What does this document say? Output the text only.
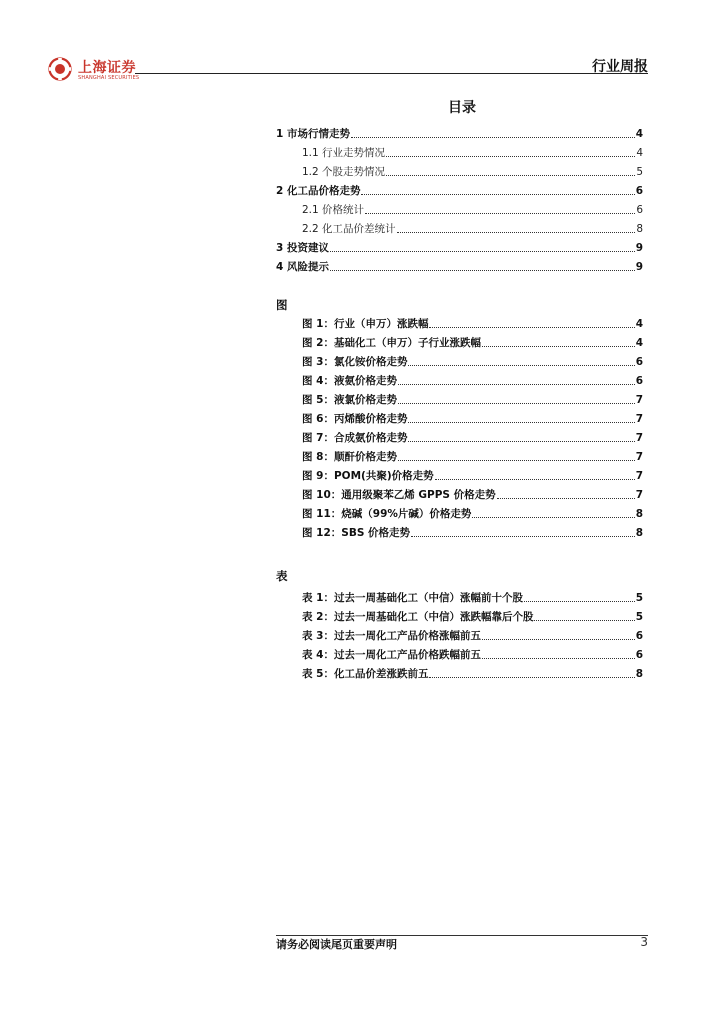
上海证券
SHANGHAI SECURITIES
行业周报
目录
1 市场行情走势	4
1.1 行业走势情况	4
1.2 个股走势情况	5
2 化工品价格走势	6
2.1 价格统计	6
2.2 化工品价差统计	8
3 投资建议	9
4 风险提示	9
图
图 1：行业（申万）涨跌幅	4
图 2：基础化工（申万）子行业涨跌幅	4
图 3：氯化铵价格走势	6
图 4：液氨价格走势	6
图 5：液氯价格走势	7
图 6：丙烯酸价格走势	7
图 7：合成氨价格走势	7
图 8：顺酐价格走势	7
图 9：POM(共聚)价格走势	7
图 10：通用级聚苯乙烯 GPPS 价格走势	7
图 11：烧碱（99%片碱）价格走势	8
图 12：SBS 价格走势	8
表
表 1：过去一周基础化工（中信）涨幅前十个股	5
表 2：过去一周基础化工（中信）涨跌幅靠后个股	5
表 3：过去一周化工产品价格涨幅前五	6
表 4：过去一周化工产品价格跌幅前五	6
表 5：化工品价差涨跌前五	8
请务必阅读尾页重要声明	3
